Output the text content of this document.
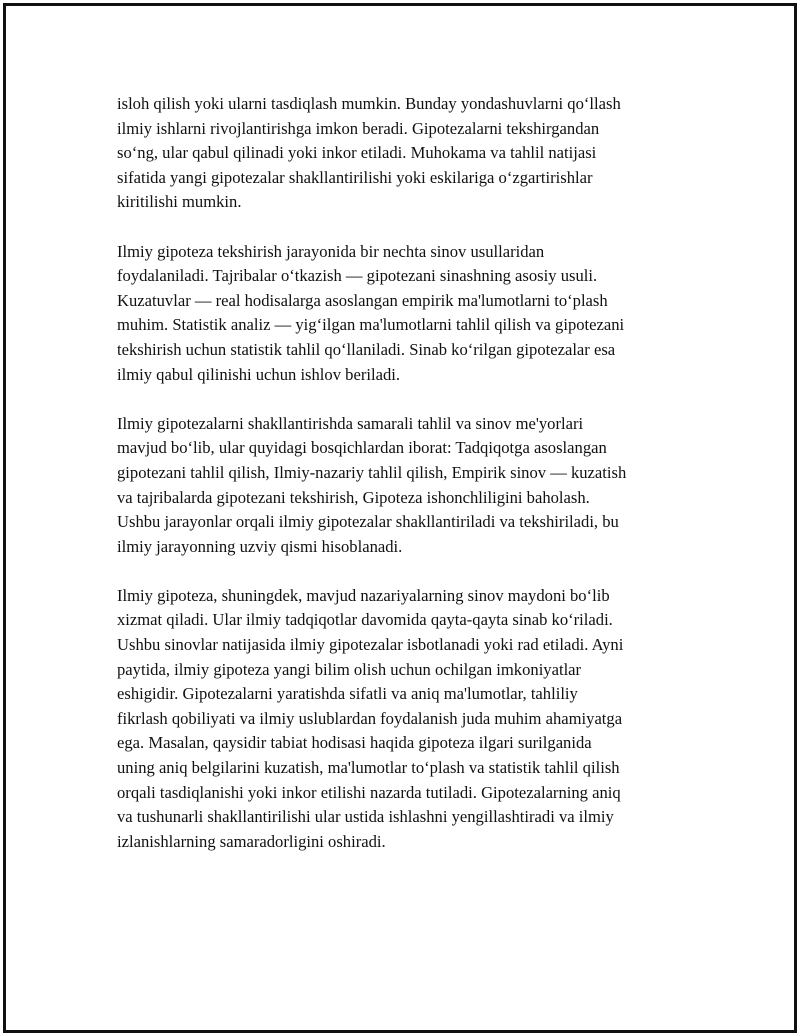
isloh qilish yoki ularni tasdiqlash mumkin. Bunday yondashuvlarni qo‘llash
ilmiy ishlarni rivojlantirishga imkon beradi. Gipotezalarni tekshirgandan
so‘ng, ular qabul qilinadi yoki inkor etiladi. Muhokama va tahlil natijasi
sifatida yangi gipotezalar shakllantirilishi yoki eskilariga o‘zgartirishlar
kiritilishi mumkin.

Ilmiy gipoteza tekshirish jarayonida bir nechta sinov usullaridan
foydalaniladi. Tajribalar o‘tkazish — gipotezani sinashning asosiy usuli.
Kuzatuvlar — real hodisalarga asoslangan empirik ma'lumotlarni to‘plash
muhim. Statistik analiz — yig‘ilgan ma'lumotlarni tahlil qilish va gipotezani
tekshirish uchun statistik tahlil qo‘llaniladi. Sinab ko‘rilgan gipotezalar esa
ilmiy qabul qilinishi uchun ishlov beriladi.

Ilmiy gipotezalarni shakllantirishda samarali tahlil va sinov me'yorlari
mavjud bo‘lib, ular quyidagi bosqichlardan iborat: Tadqiqotga asoslangan
gipotezani tahlil qilish, Ilmiy-nazariy tahlil qilish, Empirik sinov — kuzatish
va tajribalarda gipotezani tekshirish, Gipoteza ishonchliligini baholash.
Ushbu jarayonlar orqali ilmiy gipotezalar shakllantiriladi va tekshiriladi, bu
ilmiy jarayonning uzviy qismi hisoblanadi.

Ilmiy gipoteza, shuningdek, mavjud nazariyalarning sinov maydoni bo‘lib
xizmat qiladi. Ular ilmiy tadqiqotlar davomida qayta-qayta sinab ko‘riladi.
Ushbu sinovlar natijasida ilmiy gipotezalar isbotlanadi yoki rad etiladi. Ayni
paytida, ilmiy gipoteza yangi bilim olish uchun ochilgan imkoniyatlar
eshigidir. Gipotezalarni yaratishda sifatli va aniq ma'lumotlar, tahliliy
fikrlash qobiliyati va ilmiy uslublardan foydalanish juda muhim ahamiyatga
ega. Masalan, qaysidir tabiat hodisasi haqida gipoteza ilgari surilganida
uning aniq belgilarini kuzatish, ma'lumotlar to‘plash va statistik tahlil qilish
orqali tasdiqlanishi yoki inkor etilishi nazarda tutiladi. Gipotezalarning aniq
va tushunarli shakllantirilishi ular ustida ishlashni yengillashtiradi va ilmiy
izlanishlarning samaradorligini oshiradi.
